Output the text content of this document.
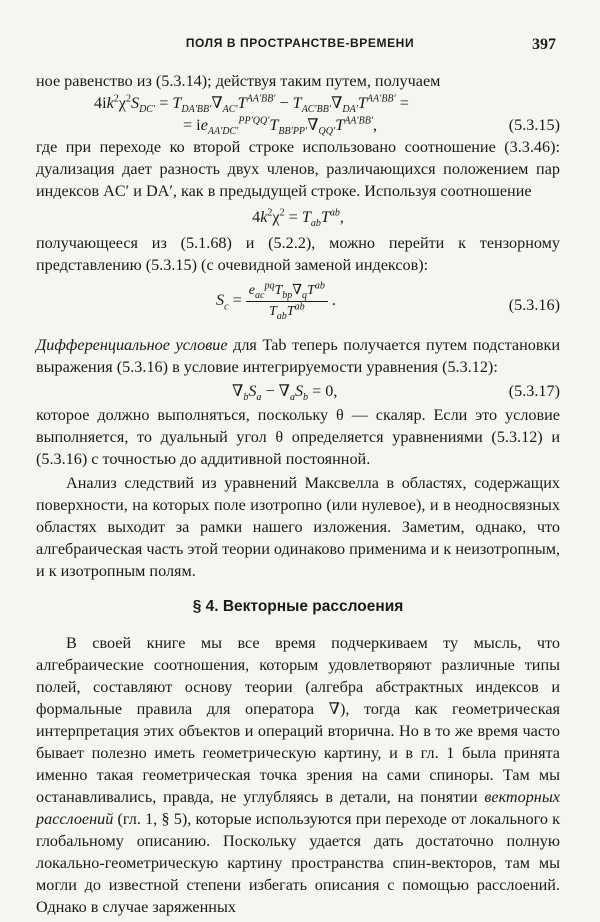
ПОЛЯ В ПРОСТРАНСТВЕ-ВРЕМЕНИ	397

ное равенство из (5.3.14); действуя таким путем, получаем

$4ik^2\chi^2S_{DC'} = T_{DA'BB'}\nabla_{AC'}T^{AA'BB'} - T_{AC'BB'}\nabla_{DA'}T^{AA'BB'}$ =
= $ie_{AA'DC'}^{PP'QQ'}T_{BB'PP'}\nabla_{QQ'}T^{AA'BB'}$,	(5.3.15)

где при переходе ко второй строке использовано соотношение (3.3.46): дуализация дает разность двух членов, различающихся положением пар индексов AC′ и DA′, как в предыдущей строке. Используя соотношение

$4k^2\chi^2 = T_{ab}T^{ab}$,

получающееся из (5.1.68) и (5.2.2), можно перейти к тензорному представлению (5.3.15) (с очевидной заменой индексов):

$S_c = \frac{e_{ac}^{pq}T_{bp}\nabla_qT^{ab}}{T_{ab}T^{ab}}$ .	(5.3.16)

Дифференциальное условие для Tab теперь получается путем подстановки выражения (5.3.16) в условие интегрируемости уравнения (5.3.12):

$\nabla_bS_a - \nabla_aS_b = 0$,	(5.3.17)

которое должно выполняться, поскольку θ — скаляр. Если это условие выполняется, то дуальный угол θ определяется уравнениями (5.3.12) и (5.3.16) с точностью до аддитивной постоянной.

Анализ следствий из уравнений Максвелла в областях, содержащих поверхности, на которых поле изотропно (или нулевое), и в неодносвязных областях выходит за рамки нашего изложения. Заметим, однако, что алгебраическая часть этой теории одинаково применима и к неизотропным, и к изотропным полям.

§ 4. Векторные расслоения

В своей книге мы все время подчеркиваем ту мысль, что алгебраические соотношения, которым удовлетворяют различные типы полей, составляют основу теории (алгебра абстрактных индексов и формальные правила для оператора ∇), тогда как геометрическая интерпретация этих объектов и операций вторична. Но в то же время часто бывает полезно иметь геометрическую картину, и в гл. 1 была принята именно такая геометрическая точка зрения на сами спиноры. Там мы останавливались, правда, не углубляясь в детали, на понятии векторных расслоений (гл. 1, § 5), которые используются при переходе от локального к глобальному описанию. Поскольку удается дать достаточно полную локально-геометрическую картину пространства спин-векторов, там мы могли до известной степени избегать описания с помощью расслоений. Однако в случае заряженных
